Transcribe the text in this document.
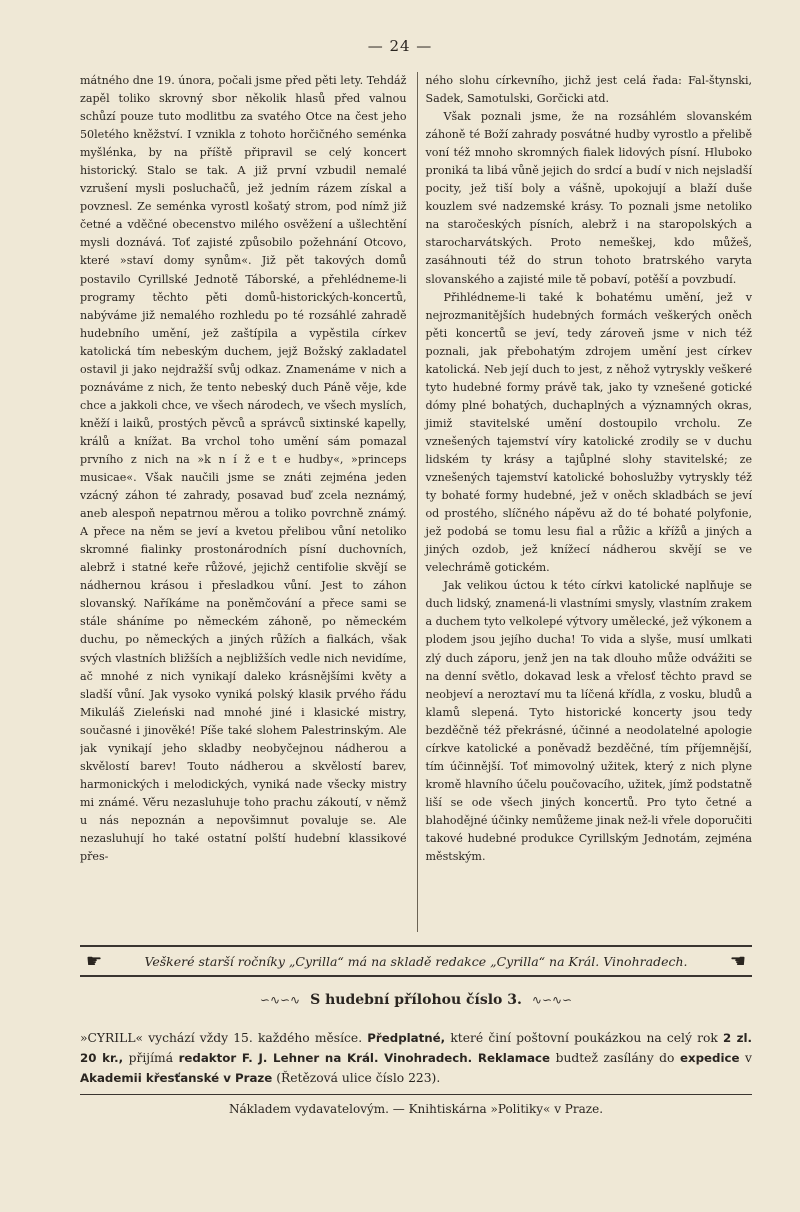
— 24 —

mátného dne 19. února, počali jsme před pěti lety. Tehdáž zapěl toliko skrovný sbor několik hlasů před valnou schůzí pouze tuto modlitbu za svatého Otce na čest jeho 50letého kněžství. I vznikla z tohoto horčičného seménka myšlénka, by na příště připravil se celý koncert historický. Stalo se tak. A již první vzbudil nemalé vzrušení mysli posluchačů, jež jedním rázem získal a povznesl. Ze seménka vyrostl košatý strom, pod nímž již četné a vděčné obecenstvo milého osvěžení a ušlechtění mysli doznává. Toť zajisté způsobilo požehnání Otcovo, které »staví domy synům«. Již pět takových domů postavilo Cyrillské Jednotě Táborské, a přehlédneme-li programy těchto pěti domů-historických-koncertů, nabýváme již nemalého rozhledu po té rozsáhlé zahradě hudebního umění, jež zaštípila a vypěstila církev katolická tím nebeským duchem, jejž Božský zakladatel ostavil ji jako nejdražší svůj odkaz. Znamenáme v nich a poznáváme z nich, že tento nebeský duch Páně věje, kde chce a jakkoli chce, ve všech národech, ve všech myslích, kněží i laiků, prostých pěvců a správců sixtinské kapelly, králů a knížat. Ba vrchol toho umění sám pomazal prvního z nich na »k n í ž e t e hudby«, »princeps musicae«. Však naučili jsme se znáti zejména jeden vzácný záhon té zahrady, posavad buď zcela neznámý, aneb alespoň nepatrnou měrou a toliko povrchně známý. A přece na něm se jeví a kvetou přelibou vůní netoliko skromné fialinky prostonárodních písní duchovních, alebrž i statné keře růžové, jejichž centifolie skvějí se nádhernou krásou i přesladkou vůní. Jest to záhon slovanský. Naříkáme na poněmčování a přece sami se stále sháníme po německém záhoně, po německém duchu, po německých a jiných růžích a fialkách, však svých vlastních bližších a nejbližších vedle nich nevidíme, ač mnohé z nich vynikají daleko krásnějšími květy a sladší vůní. Jak vysoko vyniká polský klasik prvého řádu Mikuláš Zieleński nad mnohé jiné i klasické mistry, současné i jinověké! Píše také slohem Palestrinským. Ale jak vynikají jeho skladby neobyčejnou nádherou a skvělostí barev! Touto nádherou a skvělostí barev, harmonických i melodických, vyniká nade všecky mistry mi známé. Věru nezasluhuje toho prachu zákoutí, v němž u nás nepoznán a nepovšimnut povaluje se. Ale nezasluhují ho také ostatní polští hudební klassikové přes-

ného slohu církevního, jichž jest celá řada: Fal-štynski, Sadek, Samotulski, Gorčicki atd.

Však poznali jsme, že na rozsáhlém slovanském záhoně té Boží zahrady posvátné hudby vyrostlo a přelibě voní též mnoho skromných fialek lidových písní. Hluboko proniká ta libá vůně jejich do srdcí a budí v nich nejsladší pocity, jež tiší boly a vášně, upokojují a blaží duše kouzlem své nadzemské krásy. To poznali jsme netoliko na staročeských písních, alebrž i na staropolských a starocharvátských. Proto nemeškej, kdo můžeš, zasáhnouti též do strun tohoto bratrského varyta slovanského a zajisté mile tě pobaví, potěší a povzbudí.

Přihlédneme-li také k bohatému umění, jež v nejrozmanitějších hudebných formách veškerých oněch pěti koncertů se jeví, tedy zároveň jsme v nich též poznali, jak přebohatým zdrojem umění jest církev katolická. Neb její duch to jest, z něhož vytryskly veškeré tyto hudebné formy právě tak, jako ty vznešené gotické dómy plné bohatých, duchaplných a významných okras, jimiž stavitelské umění dostoupilo vrcholu. Ze vznešených tajemství víry katolické zrodily se v duchu lidském ty krásy a tajůplné slohy stavitelské; ze vznešených tajemství katolické bohoslužby vytryskly též ty bohaté formy hudebné, jež v oněch skladbách se jeví od prostého, slíčného nápěvu až do té bohaté polyfonie, jež podobá se tomu lesu fial a růžic a křížů a jiných a jiných ozdob, jež knížecí nádherou skvějí se ve velechrámě gotickém.

Jak velikou úctou k této církvi katolické naplňuje se duch lidský, znamená-li vlastními smysly, vlastním zrakem a duchem tyto velkolepé výtvory umělecké, jež výkonem a plodem jsou jejího ducha! To vida a slyše, musí umlkati zlý duch záporu, jenž jen na tak dlouho může odvážiti se na denní světlo, dokavad lesk a vřelosť těchto pravd se neobjeví a neroztaví mu ta líčená křídla, z vosku, bludů a klamů slepená. Tyto historické koncerty jsou tedy bezděčně též překrásné, účinné a neodolatelné apologie církve katolické a poněvadž bezděčné, tím příjemnější, tím účinnější. Toť mimovolný užitek, který z nich plyne kromě hlavního účelu poučovacího, užitek, jímž podstatně liší se ode všech jiných koncertů. Pro tyto četné a blahodějné účinky nemůžeme jinak než-li vřele doporučiti takové hudebné produkce Cyrillským Jednotám, zejména městským.

☛	Veškeré starší ročníky „Cyrilla“ má na skladě redakce „Cyrilla“ na Král. Vinohradech.	☚
∽∿∽∿ S hudební přílohou číslo 3. ∿∽∿∽
»CYRILL« vychází vždy 15. každého měsíce. Předplatné, které činí poštovní poukázkou na celý rok 2 zl. 20 kr., přijímá redaktor F. J. Lehner na Král. Vinohradech. Reklamace budtež zasílány do expedice v Akademii křesťanské v Praze (Řetězová ulice číslo 223).
Nákladem vydavatelovým. — Knihtiskárna »Politiky« v Praze.
